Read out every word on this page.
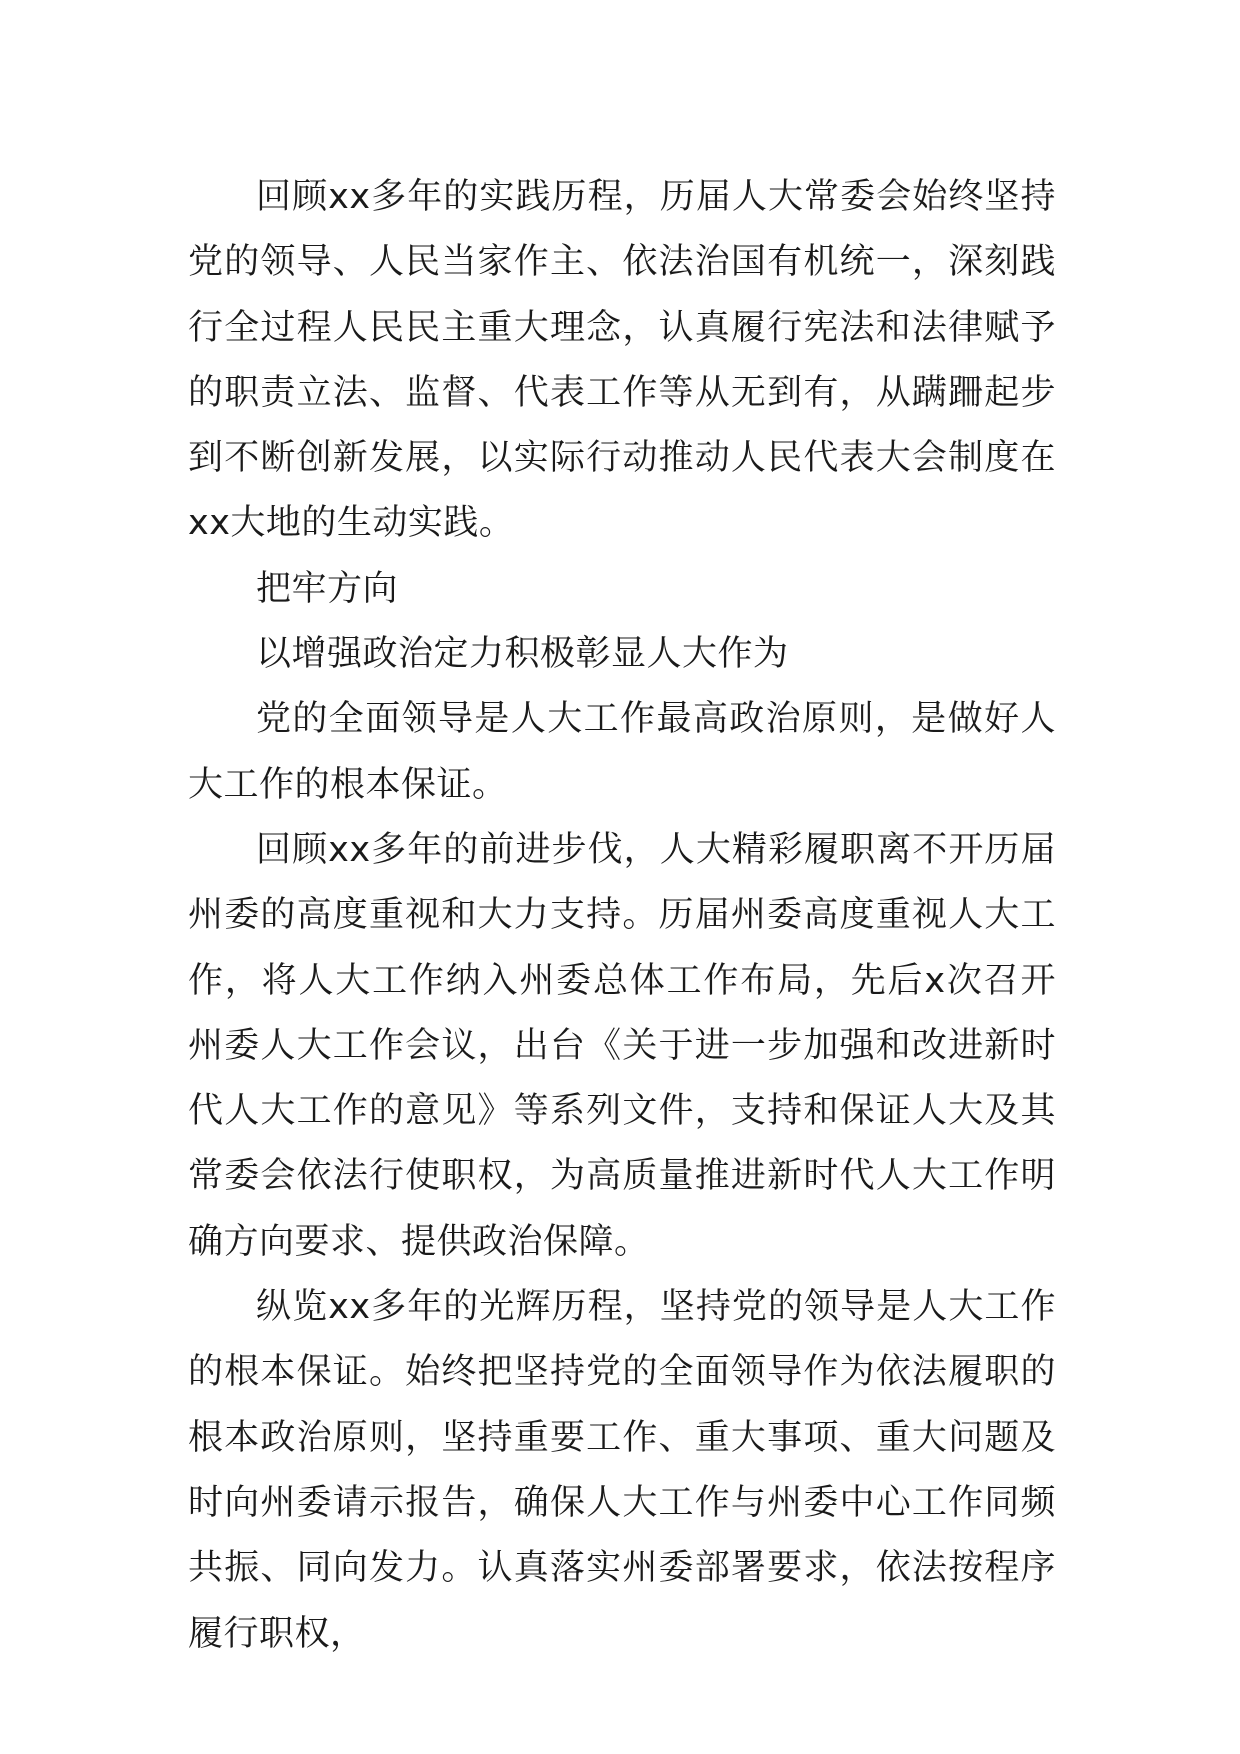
回顾xx多年的实践历程，历届人大常委会始终坚持党的领导、人民当家作主、依法治国有机统一，深刻践行全过程人民民主重大理念，认真履行宪法和法律赋予的职责立法、监督、代表工作等从无到有，从蹒跚起步到不断创新发展，以实际行动推动人民代表大会制度在xx大地的生动实践。

把牢方向

以增强政治定力积极彰显人大作为

党的全面领导是人大工作最高政治原则，是做好人大工作的根本保证。

回顾xx多年的前进步伐，人大精彩履职离不开历届州委的高度重视和大力支持。历届州委高度重视人大工作，将人大工作纳入州委总体工作布局，先后x次召开州委人大工作会议，出台《关于进一步加强和改进新时代人大工作的意见》等系列文件，支持和保证人大及其常委会依法行使职权，为高质量推进新时代人大工作明确方向要求、提供政治保障。

纵览xx多年的光辉历程，坚持党的领导是人大工作的根本保证。始终把坚持党的全面领导作为依法履职的根本政治原则，坚持重要工作、重大事项、重大问题及时向州委请示报告，确保人大工作与州委中心工作同频共振、同向发力。认真落实州委部署要求，依法按程序履行职权，
